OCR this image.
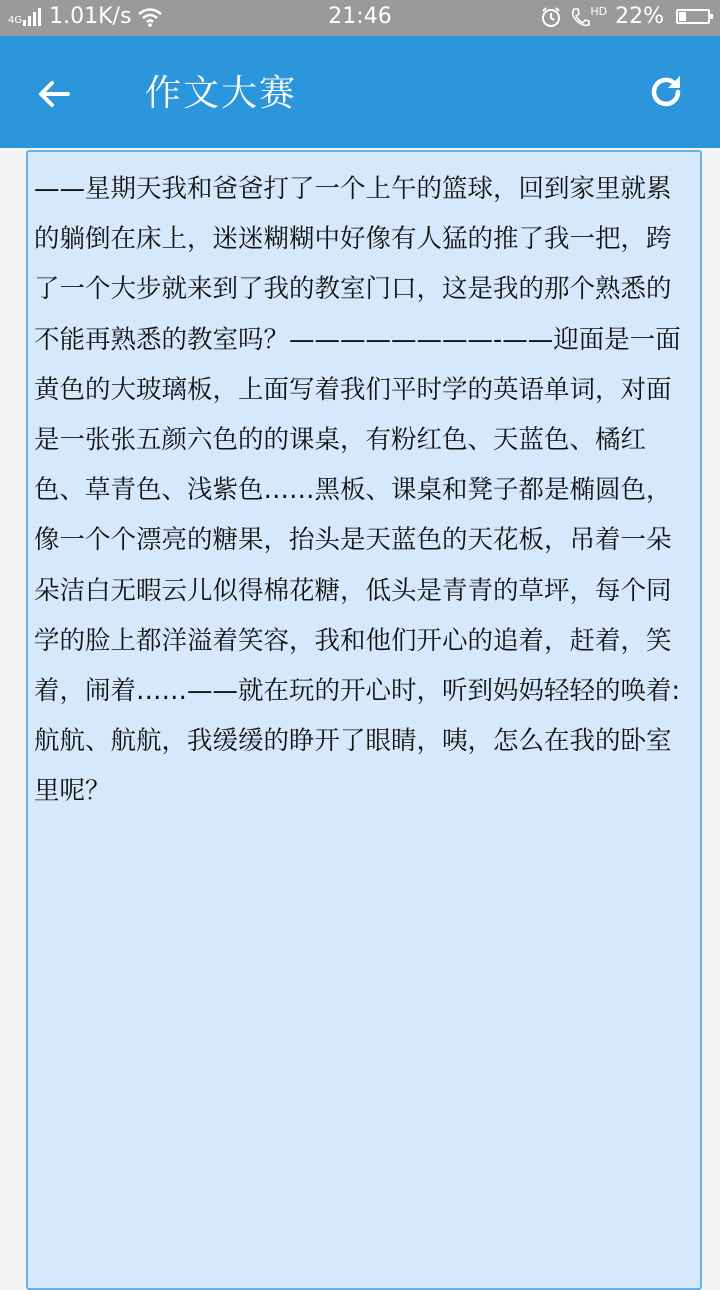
4G 1.01K/s	21:46	HD 22%
作文大赛

——星期天我和爸爸打了一个上午的篮球，回到家里就累的躺倒在床上，迷迷糊糊中好像有人猛的推了我一把，跨了一个大步就来到了我的教室门口，这是我的那个熟悉的不能再熟悉的教室吗？————————-——迎面是一面黄色的大玻璃板，上面写着我们平时学的英语单词，对面是一张张五颜六色的的课桌，有粉红色、天蓝色、橘红色、草青色、浅紫色……黑板、课桌和凳子都是椭圆色，像一个个漂亮的糖果，抬头是天蓝色的天花板，吊着一朵朵洁白无暇云儿似得棉花糖，低头是青青的草坪，每个同学的脸上都洋溢着笑容，我和他们开心的追着，赶着，笑着，闹着……——就在玩的开心时，听到妈妈轻轻的唤着:航航、航航，我缓缓的睁开了眼睛，咦，怎么在我的卧室里呢？
